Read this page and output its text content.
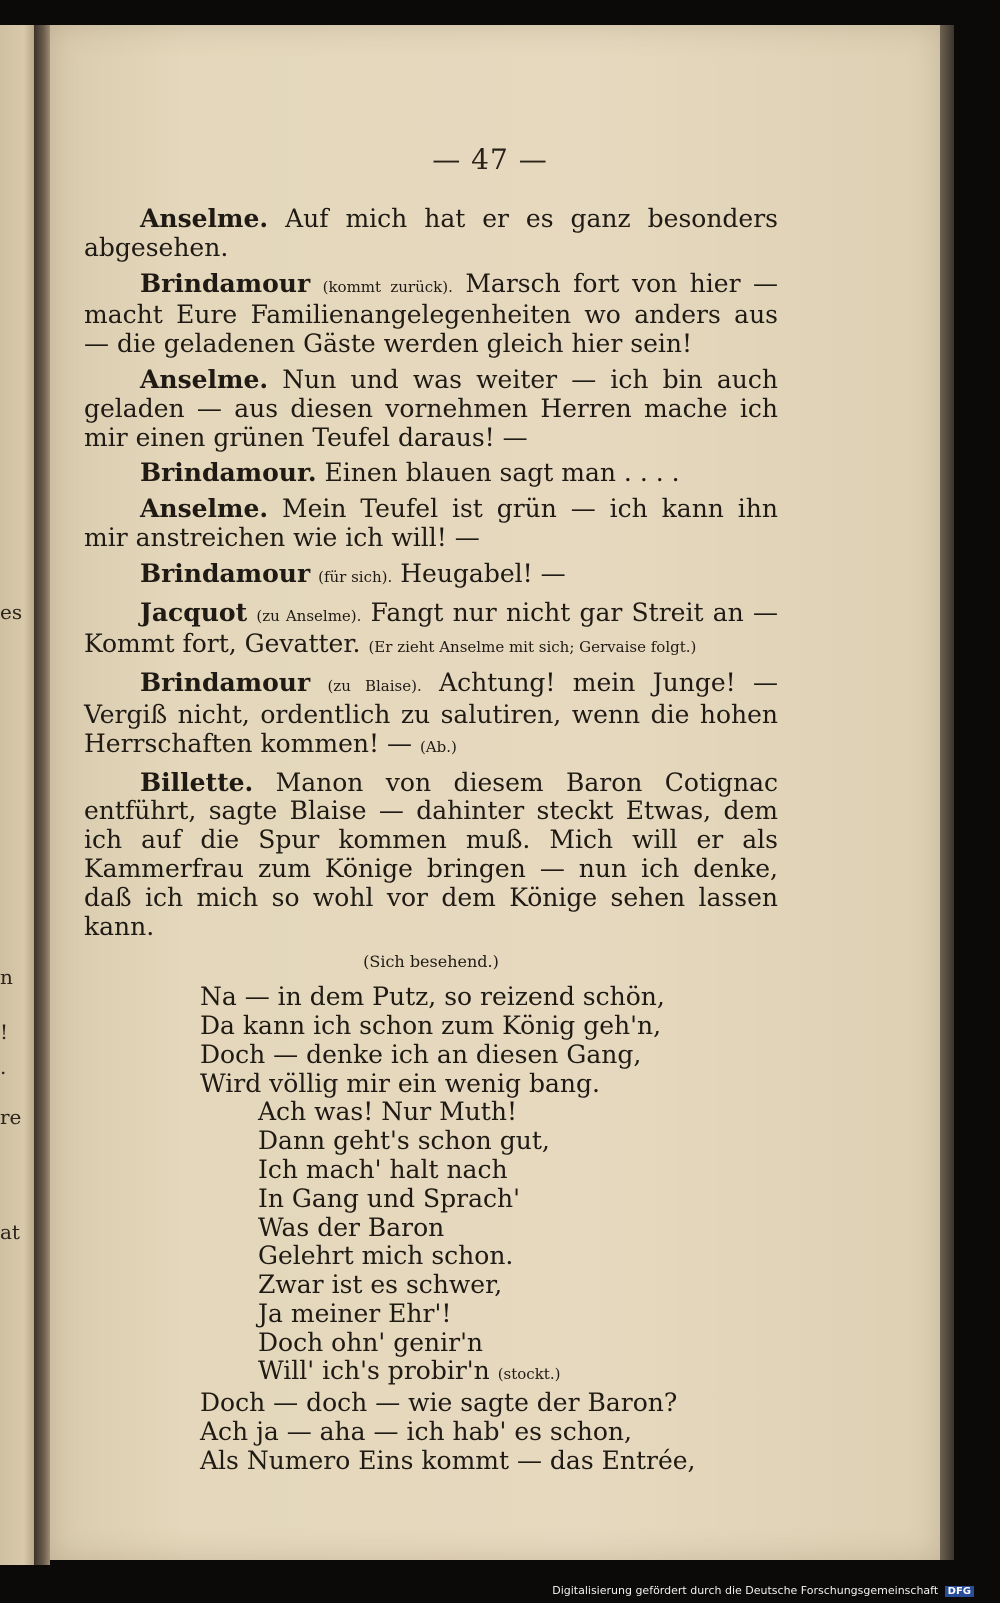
es
n
!
.
re
at
— 47 —

Anselme. Auf mich hat er es ganz besonders abgesehen.

Brindamour (kommt zurück). Marsch fort von hier — macht Eure Familienangelegenheiten wo anders aus — die geladenen Gäste werden gleich hier sein!

Anselme. Nun und was weiter — ich bin auch geladen — aus diesen vornehmen Herren mache ich mir einen grünen Teufel daraus! —

Brindamour. Einen blauen sagt man . . . .

Anselme. Mein Teufel ist grün — ich kann ihn mir anstreichen wie ich will! —

Brindamour (für sich). Heugabel! —

Jacquot (zu Anselme). Fangt nur nicht gar Streit an — Kommt fort, Gevatter. (Er zieht Anselme mit sich; Gervaise folgt.)

Brindamour (zu Blaise). Achtung! mein Junge! — Vergiß nicht, ordentlich zu salutiren, wenn die hohen Herrschaften kommen! — (Ab.)

Billette. Manon von diesem Baron Cotignac entführt, sagte Blaise — dahinter steckt Etwas, dem ich auf die Spur kommen muß. Mich will er als Kammerfrau zum Könige bringen — nun ich denke, daß ich mich so wohl vor dem Könige sehen lassen kann.

(Sich besehend.)
Na — in dem Putz, so reizend schön,
Da kann ich schon zum König geh'n,
Doch — denke ich an diesen Gang,
Wird völlig mir ein wenig bang.
Ach was! Nur Muth!
Dann geht's schon gut,
Ich mach' halt nach
In Gang und Sprach'
Was der Baron
Gelehrt mich schon.
Zwar ist es schwer,
Ja meiner Ehr'!
Doch ohn' genir'n
Will' ich's probir'n (stockt.)
Doch — doch — wie sagte der Baron?
Ach ja — aha — ich hab' es schon,
Als Numero Eins kommt — das Entrée,
Digitalisierung gefördert durch die Deutsche Forschungsgemeinschaft DFG
